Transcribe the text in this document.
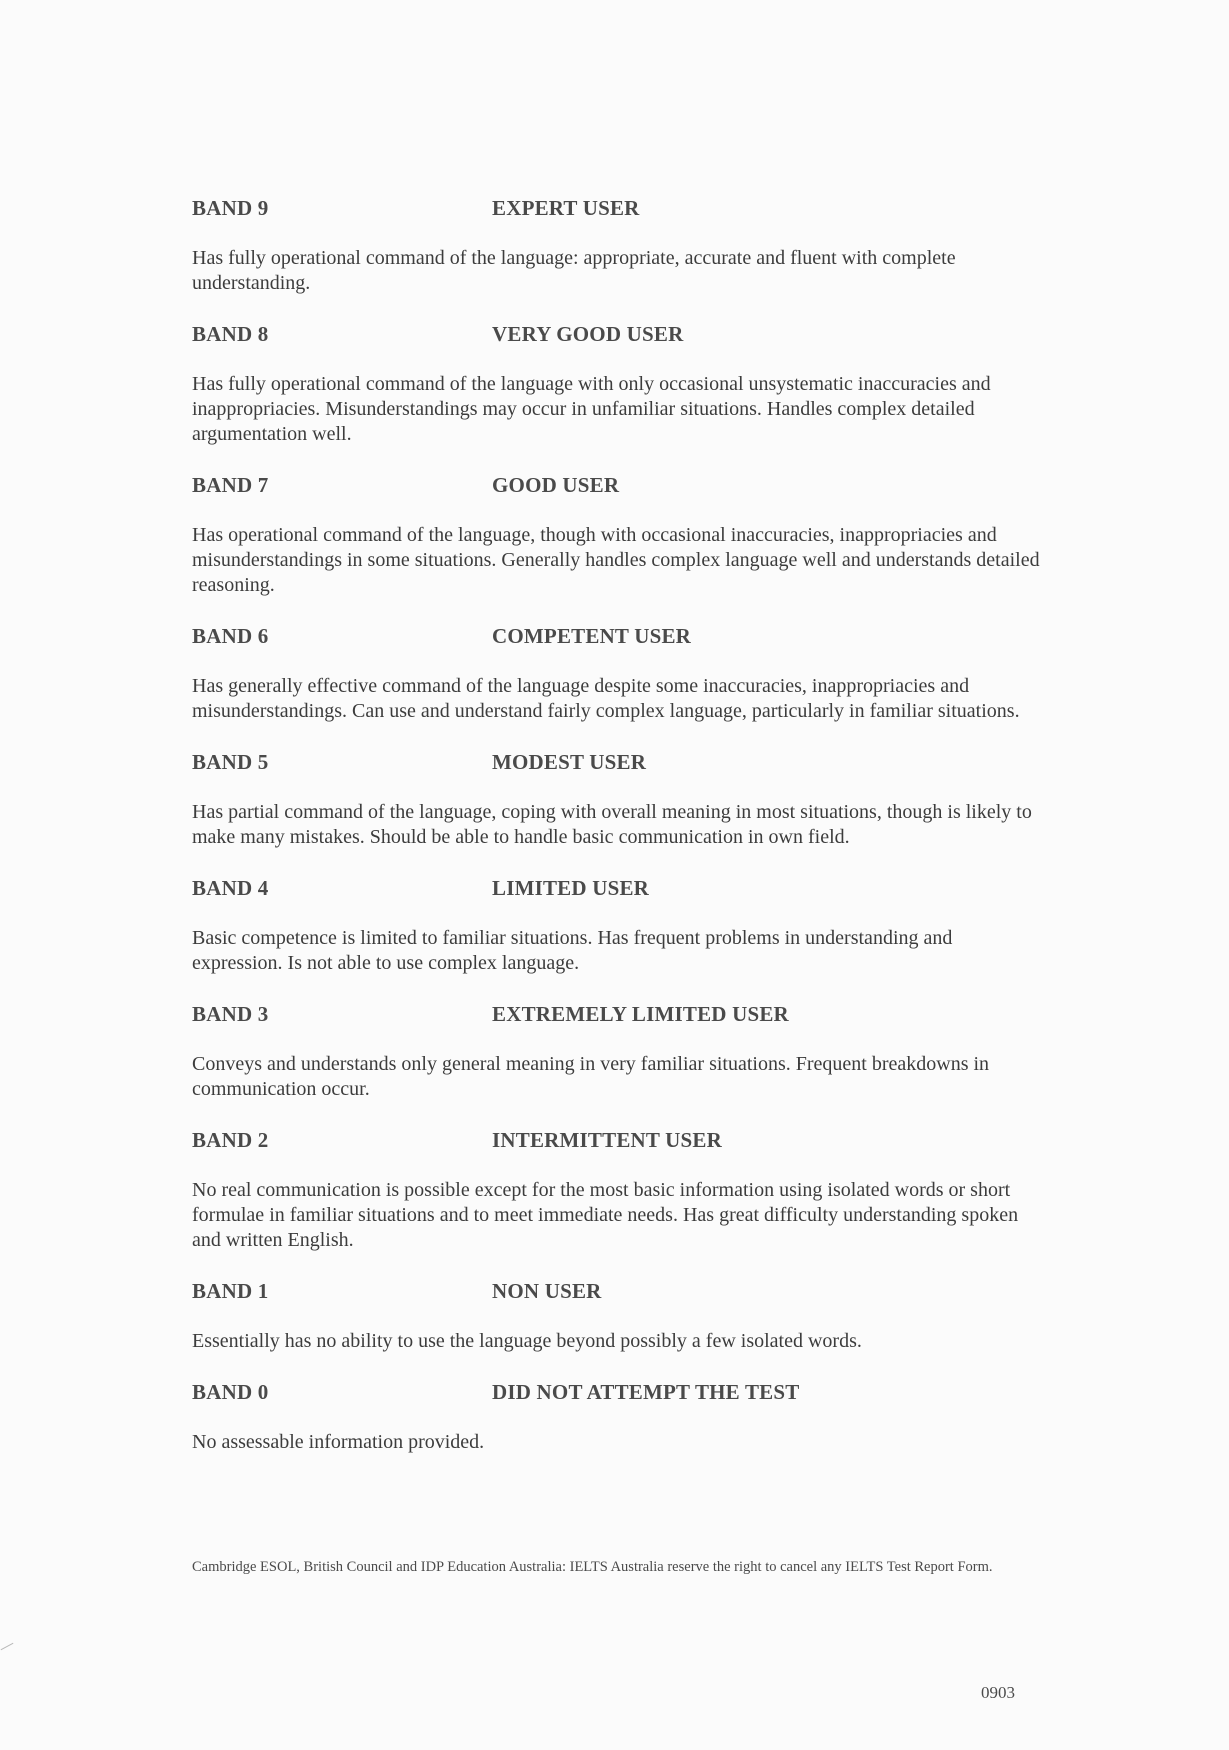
BAND 9	EXPERT USER

Has fully operational command of the language: appropriate, accurate and fluent with complete understanding.

BAND 8	VERY GOOD USER

Has fully operational command of the language with only occasional unsystematic inaccuracies and inappropriacies. Misunderstandings may occur in unfamiliar situations. Handles complex detailed argumentation well.

BAND 7	GOOD USER

Has operational command of the language, though with occasional inaccuracies, inappropriacies and misunderstandings in some situations. Generally handles complex language well and understands detailed reasoning.

BAND 6	COMPETENT USER

Has generally effective command of the language despite some inaccuracies, inappropriacies and misunderstandings. Can use and understand fairly complex language, particularly in familiar situations.

BAND 5	MODEST USER

Has partial command of the language, coping with overall meaning in most situations, though is likely to make many mistakes. Should be able to handle basic communication in own field.

BAND 4	LIMITED USER

Basic competence is limited to familiar situations. Has frequent problems in understanding and expression. Is not able to use complex language.

BAND 3	EXTREMELY LIMITED USER

Conveys and understands only general meaning in very familiar situations. Frequent breakdowns in communication occur.

BAND 2	INTERMITTENT USER

No real communication is possible except for the most basic information using isolated words or short formulae in familiar situations and to meet immediate needs. Has great difficulty understanding spoken and written English.

BAND 1	NON USER

Essentially has no ability to use the language beyond possibly a few isolated words.

BAND 0	DID NOT ATTEMPT THE TEST

No assessable information provided.

Cambridge ESOL, British Council and IDP Education Australia: IELTS Australia reserve the right to cancel any IELTS Test Report Form.
0903
